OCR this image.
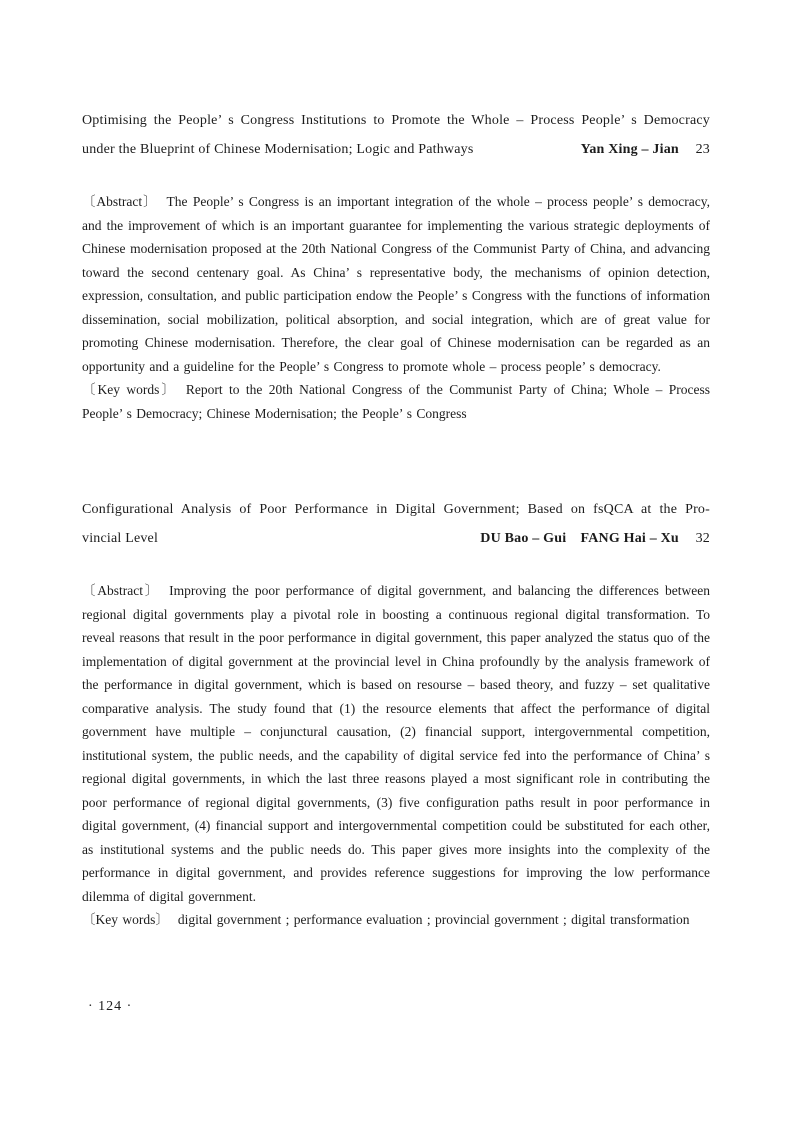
Optimising the People’ s Congress Institutions to Promote the Whole – Process People’ s Democracy
under the Blueprint of Chinese Modernisation; Logic and Pathways	Yan Xing – Jian 23

〔Abstract〕 The People’ s Congress is an important integration of the whole – process people’ s democracy, and the improvement of which is an important guarantee for implementing the various strategic deployments of Chinese modernisation proposed at the 20th National Congress of the Communist Party of China, and advancing toward the second centenary goal. As China’ s representative body, the mechanisms of opinion detection, expression, consultation, and public participation endow the People’ s Congress with the functions of information dissemination, social mobilization, political absorption, and social integration, which are of great value for promoting Chinese modernisation. Therefore, the clear goal of Chinese modernisation can be regarded as an opportunity and a guideline for the People’ s Congress to promote whole – process people’ s democracy.

〔Key words〕 Report to the 20th National Congress of the Communist Party of China; Whole – Process People’ s Democracy; Chinese Modernisation; the People’ s Congress

Configurational Analysis of Poor Performance in Digital Government; Based on fsQCA at the Pro-
vincial Level	DU Bao – Gui　FANG Hai – Xu 32

〔Abstract〕 Improving the poor performance of digital government, and balancing the differences between regional digital governments play a pivotal role in boosting a continuous regional digital transformation. To reveal reasons that result in the poor performance in digital government, this paper analyzed the status quo of the implementation of digital government at the provincial level in China profoundly by the analysis framework of the performance in digital government, which is based on resourse – based theory, and fuzzy – set qualitative comparative analysis. The study found that (1) the resource elements that affect the performance of digital government have multiple – conjunctural causation, (2) financial support, intergovernmental competition, institutional system, the public needs, and the capability of digital service fed into the performance of China’ s regional digital governments, in which the last three reasons played a most significant role in contributing the poor performance of regional digital governments, (3) five configuration paths result in poor performance in digital government, (4) financial support and intergovernmental competition could be substituted for each other, as institutional systems and the public needs do. This paper gives more insights into the complexity of the performance in digital government, and provides reference suggestions for improving the low performance dilemma of digital government.

〔Key words〕 digital government ; performance evaluation ; provincial government ; digital transformation

· 124 ·
